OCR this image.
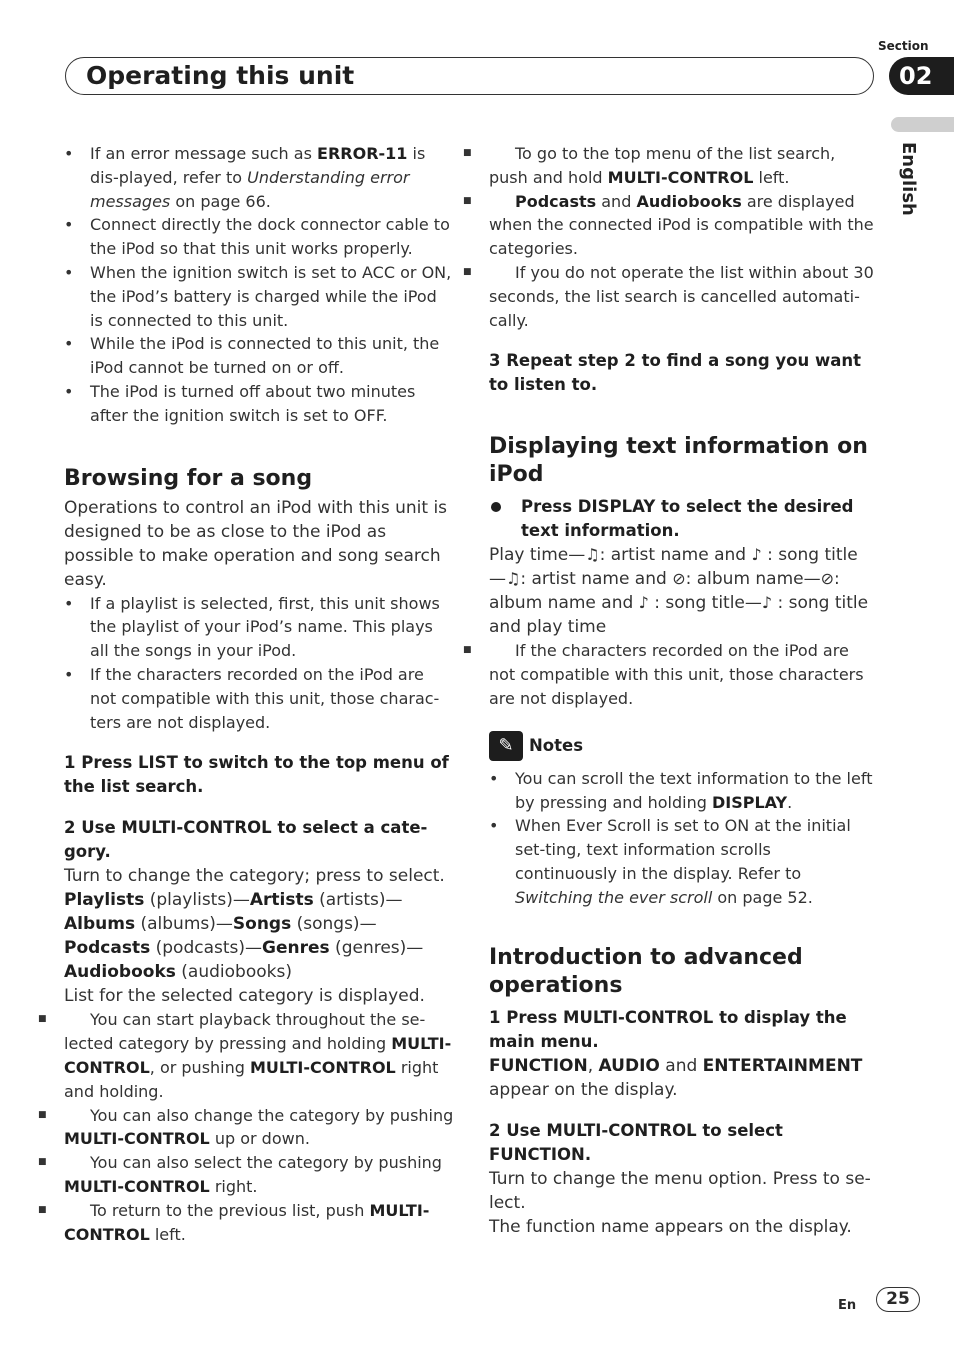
Section
Operating this unit	02
English

• If an error message such as ERROR-11 is dis-played, refer to Understanding error messages on page 66.

• Connect directly the dock connector cable to the iPod so that this unit works properly.

• When the ignition switch is set to ACC or ON, the iPod’s battery is charged while the iPod is connected to this unit.

• While the iPod is connected to this unit, the iPod cannot be turned on or off.

• The iPod is turned off about two minutes after the ignition switch is set to OFF.

Browsing for a song

Operations to control an iPod with this unit is designed to be as close to the iPod as possible to make operation and song search easy.

• If a playlist is selected, first, this unit shows the playlist of your iPod’s name. This plays all the songs in your iPod.

• If the characters recorded on the iPod are not compatible with this unit, those charac-ters are not displayed.

1 Press LIST to switch to the top menu of the list search.

2 Use MULTI-CONTROL to select a cate-gory.

Turn to change the category; press to select.

Playlists (playlists)—Artists (artists)—Albums (albums)—Songs (songs)—Podcasts (podcasts)—Genres (genres)—Audiobooks (audiobooks)

List for the selected category is displayed.

■ You can start playback throughout the se-lected category by pressing and holding MULTI-CONTROL, or pushing MULTI-CONTROL right and holding.

■ You can also change the category by pushing MULTI-CONTROL up or down.

■ You can also select the category by pushing MULTI-CONTROL right.

■ To return to the previous list, push MULTI-CONTROL left.

■ To go to the top menu of the list search, push and hold MULTI-CONTROL left.

■ Podcasts and Audiobooks are displayed when the connected iPod is compatible with the categories.

■ If you do not operate the list within about 30 seconds, the list search is cancelled automati-cally.

3 Repeat step 2 to find a song you want to listen to.

Displaying text information on iPod

Press DISPLAY to select the desired text information.

Play time—♫: artist name and ♪ : song title —♫: artist name and ⊘: album name—⊘: album name and ♪ : song title—♪ : song title and play time

■ If the characters recorded on the iPod are not compatible with this unit, those characters are not displayed.

✎ Notes

• You can scroll the text information to the left by pressing and holding DISPLAY.

• When Ever Scroll is set to ON at the initial set-ting, text information scrolls continuously in the display. Refer to Switching the ever scroll on page 52.

Introduction to advanced operations

1 Press MULTI-CONTROL to display the main menu.

FUNCTION, AUDIO and ENTERTAINMENT appear on the display.

2 Use MULTI-CONTROL to select FUNCTION.

Turn to change the menu option. Press to se-lect.

The function name appears on the display.

En	25
